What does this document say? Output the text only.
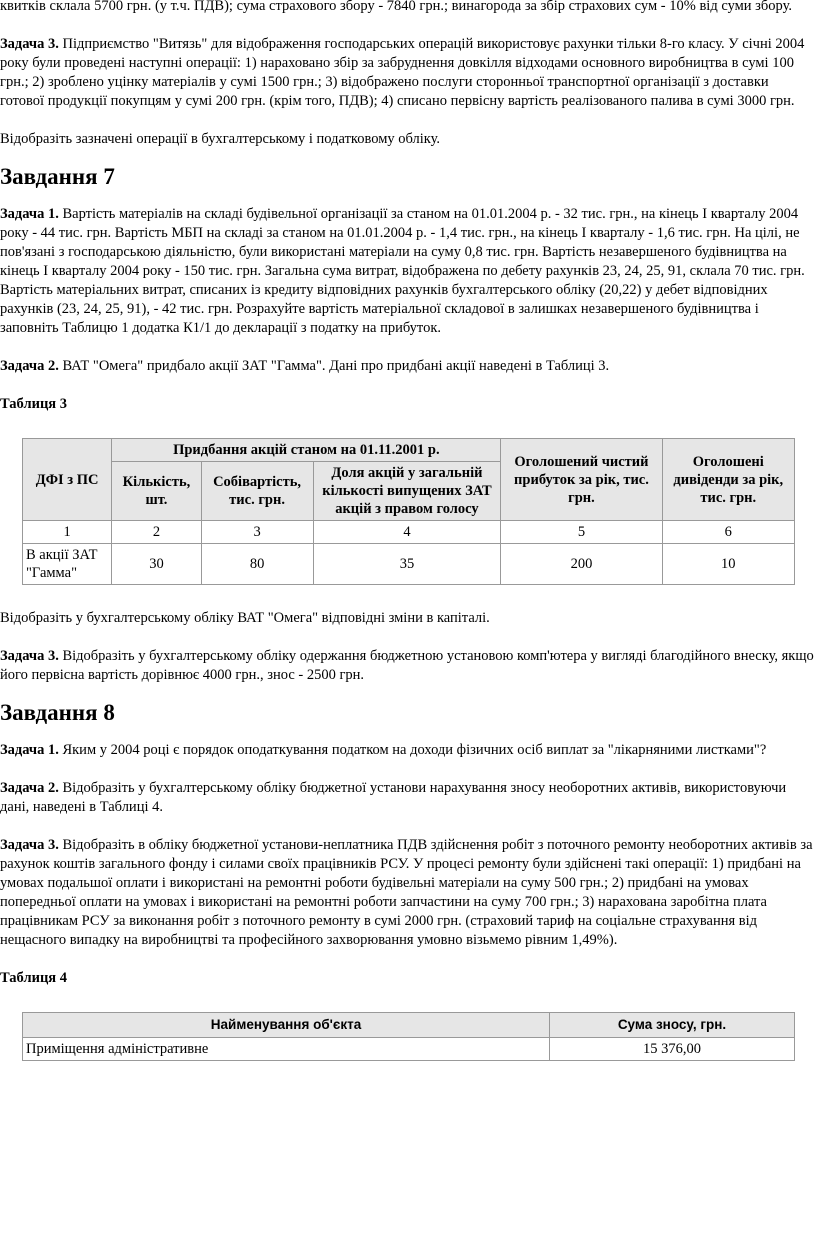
квитків склала 5700 грн. (у т.ч. ПДВ); сума страхового збору - 7840 грн.; винагорода за збір страхових сум - 10% від суми збору.

Задача 3. Підприємство "Витязь" для відображення господарських операцій використовує рахунки тільки 8-го класу. У січні 2004 року були проведені наступні операції: 1) нараховано збір за забруднення довкілля відходами основного виробництва в сумі 100 грн.; 2) зроблено уцінку матеріалів у сумі 1500 грн.; 3) відображено послуги сторонньої транспортної організації з доставки готової продукції покупцям у сумі 200 грн. (крім того, ПДВ); 4) списано первісну вартість реалізованого палива в сумі 3000 грн.

Відобразіть зазначені операції в бухгалтерському і податковому обліку.

Завдання 7

Задача 1. Вартість матеріалів на складі будівельної організації за станом на 01.01.2004 р. - 32 тис. грн., на кінець I кварталу 2004 року - 44 тис. грн. Вартість МБП на складі за станом на 01.01.2004 р. - 1,4 тис. грн., на кінець I кварталу - 1,6 тис. грн. На цілі, не пов'язані з господарською діяльністю, були використані матеріали на суму 0,8 тис. грн. Вартість незавершеного будівництва на кінець I кварталу 2004 року - 150 тис. грн. Загальна сума витрат, відображена по дебету рахунків 23, 24, 25, 91, склала 70 тис. грн. Вартість матеріальних витрат, списаних із кредиту відповідних рахунків бухгалтерського обліку (20,22) у дебет відповідних рахунків (23, 24, 25, 91), - 42 тис. грн. Розрахуйте вартість матеріальної складової в залишках незавершеного будівництва і заповніть Таблицю 1 додатка К1/1 до декларації з податку на прибуток.

Задача 2. ВАТ "Омега" придбало акції ЗАТ "Гамма". Дані про придбані акції наведені в Таблиці 3.

Таблиця 3

ДФІ з ПС	Придбання акцій станом на 01.11.2001 р.			Оголошений чистий прибуток за рік, тис. грн.	Оголошені дивіденди за рік, тис. грн.
	Кількість, шт.	Собівартість, тис. грн.	Доля акцій у загальній кількості випущених ЗАТ акцій з правом голосу		
1	2	3	4	5	6
В акції ЗАТ "Гамма"	30	80	35	200	10

Відобразіть у бухгалтерському обліку ВАТ "Омега" відповідні зміни в капіталі.

Задача 3. Відобразіть у бухгалтерському обліку одержання бюджетною установою комп'ютера у вигляді благодійного внеску, якщо його первісна вартість дорівнює 4000 грн., знос - 2500 грн.

Завдання 8

Задача 1. Яким у 2004 році є порядок оподаткування податком на доходи фізичних осіб виплат за "лікарняними листками"?

Задача 2. Відобразіть у бухгалтерському обліку бюджетної установи нарахування зносу необоротних активів, використовуючи дані, наведені в Таблиці 4.

Задача 3. Відобразіть в обліку бюджетної установи-неплатника ПДВ здійснення робіт з поточного ремонту необоротних активів за рахунок коштів загального фонду і силами своїх працівників РСУ. У процесі ремонту були здійснені такі операції: 1) придбані на умовах подальшої оплати і використані на ремонтні роботи будівельні матеріали на суму 500 грн.; 2) придбані на умовах попередньої оплати на умовах і використані на ремонтні роботи запчастини на суму 700 грн.; 3) нарахована заробітна плата працівникам РСУ за виконання робіт з поточного ремонту в сумі 2000 грн. (страховий тариф на соціальне страхування від нещасного випадку на виробництві та професійного захворювання умовно візьмемо рівним 1,49%).

Таблиця 4

Найменування об'єкта	Сума зносу, грн.
Приміщення адміністративне	15 376,00
